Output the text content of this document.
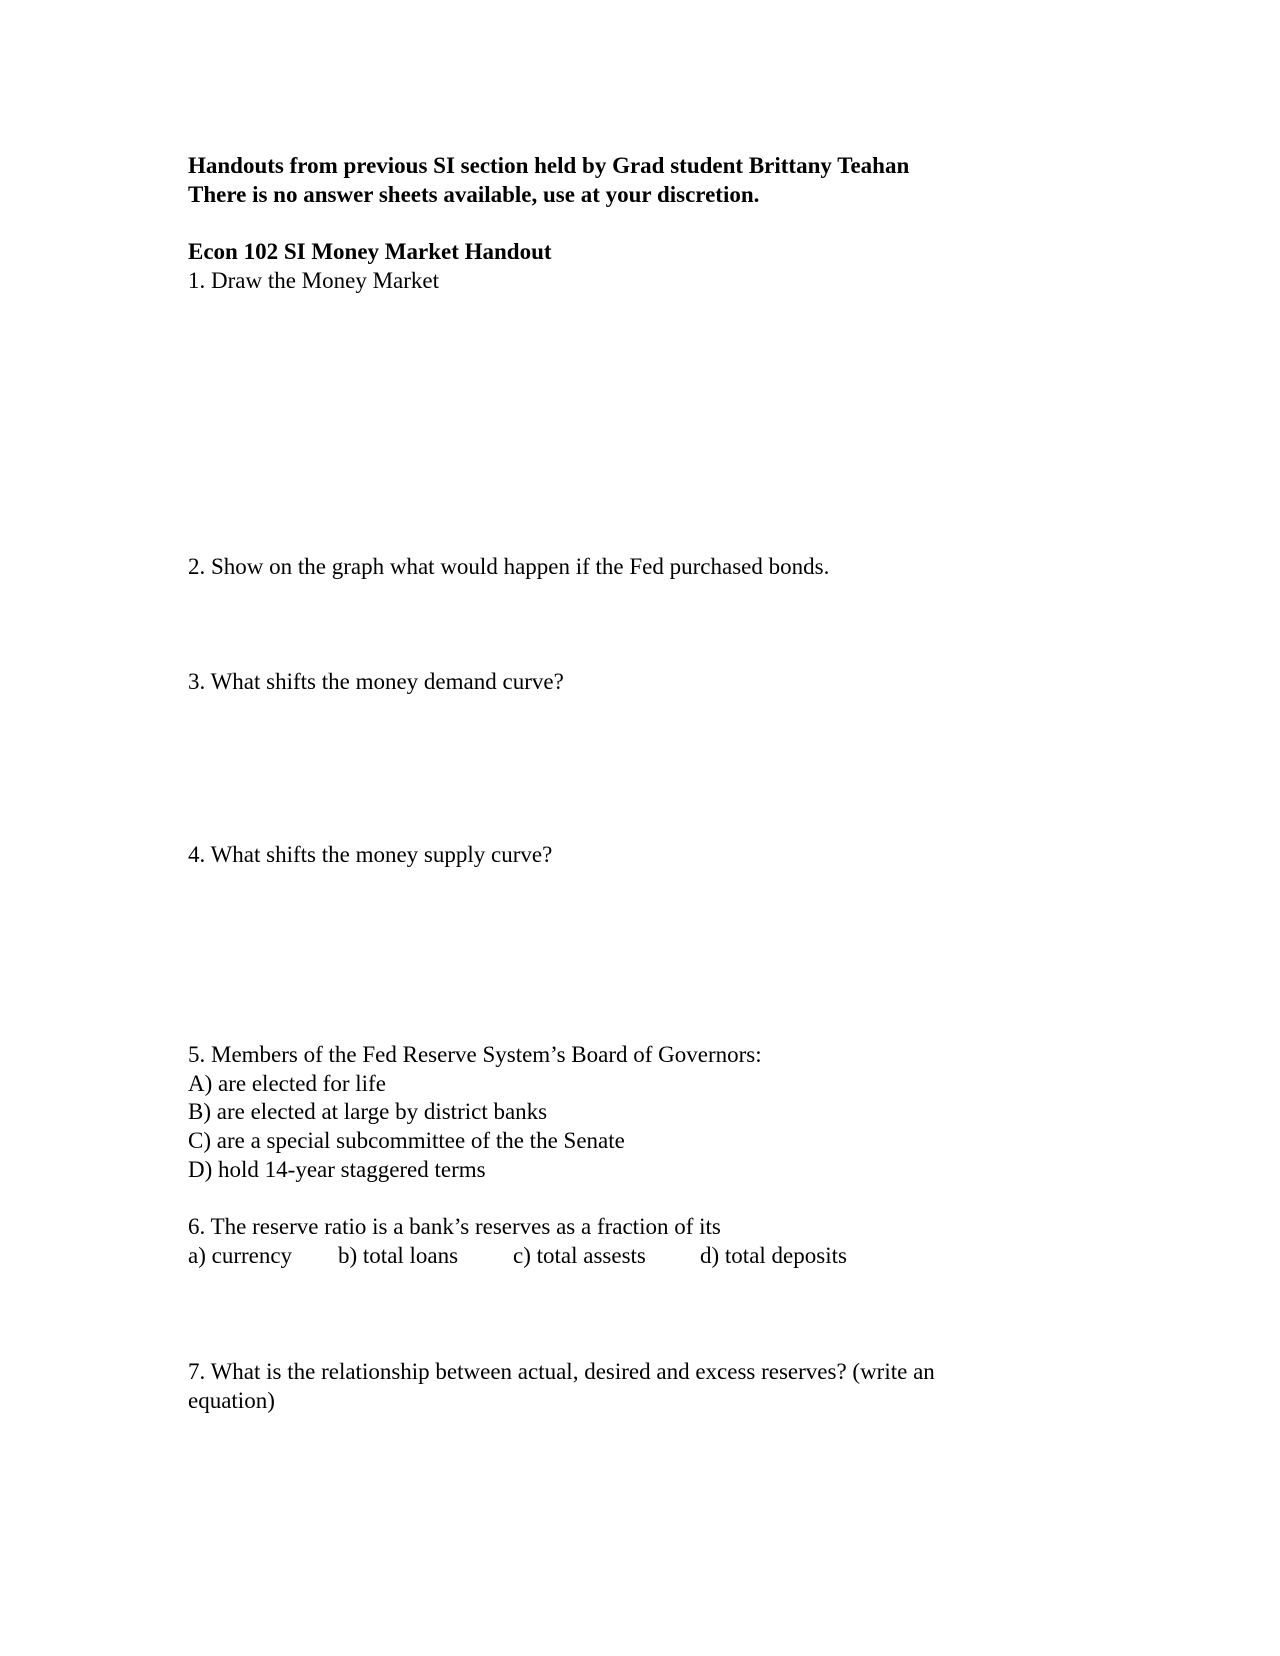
Handouts from previous SI section held by Grad student Brittany Teahan
There is no answer sheets available, use at your discretion.
Econ 102 SI Money Market Handout
1. Draw the Money Market
2. Show on the graph what would happen if the Fed purchased bonds.
3. What shifts the money demand curve?
4. What shifts the money supply curve?
5. Members of the Fed Reserve System’s Board of Governors:
A) are elected for life
B) are elected at large by district banks
C) are a special subcommittee of the the Senate
D) hold 14-year staggered terms
6. The reserve ratio is a bank’s reserves as a fraction of its
a) currency b) total loans c) total assests d) total deposits
7. What is the relationship between actual, desired and excess reserves? (write an
equation)
